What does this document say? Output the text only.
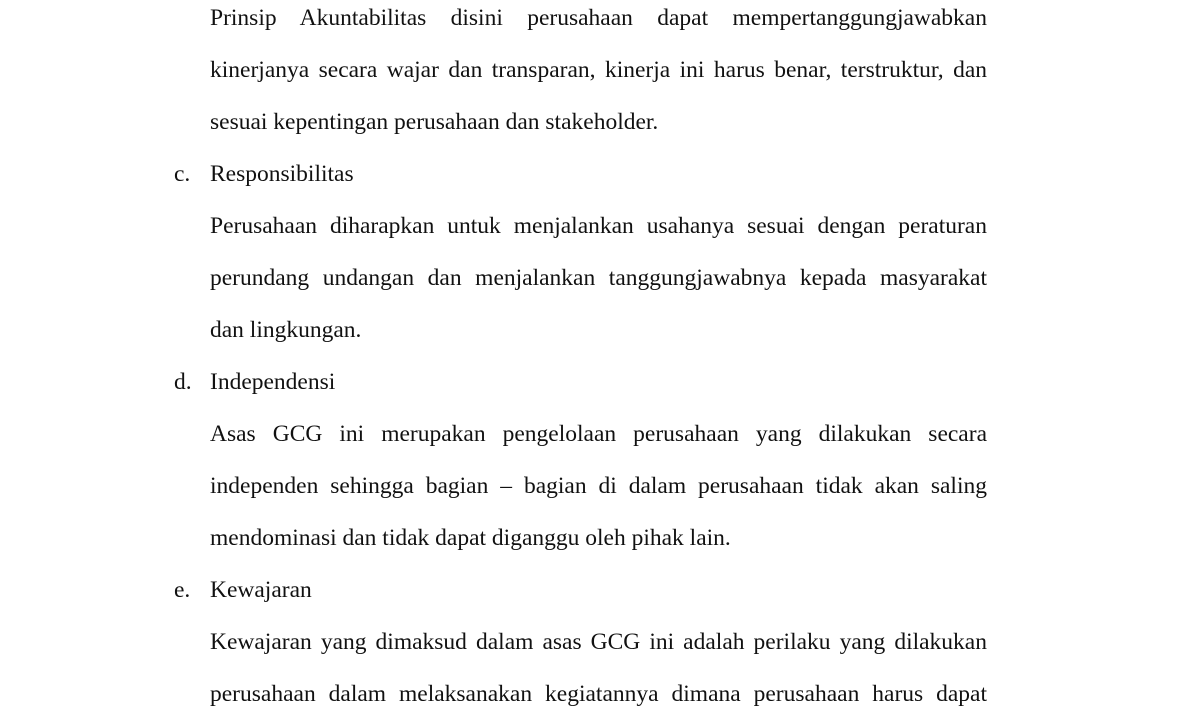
Prinsip Akuntabilitas disini perusahaan dapat mempertanggungjawabkan

kinerjanya secara wajar dan transparan, kinerja ini harus benar, terstruktur, dan

sesuai kepentingan perusahaan dan stakeholder.

c. Responsibilitas

Perusahaan diharapkan untuk menjalankan usahanya sesuai dengan peraturan

perundang undangan dan menjalankan tanggungjawabnya kepada masyarakat

dan lingkungan.

d. Independensi

Asas GCG ini merupakan pengelolaan perusahaan yang dilakukan secara

independen sehingga bagian – bagian di dalam perusahaan tidak akan saling

mendominasi dan tidak dapat diganggu oleh pihak lain.

e. Kewajaran

Kewajaran yang dimaksud dalam asas GCG ini adalah perilaku yang dilakukan

perusahaan dalam melaksanakan kegiatannya dimana perusahaan harus dapat
